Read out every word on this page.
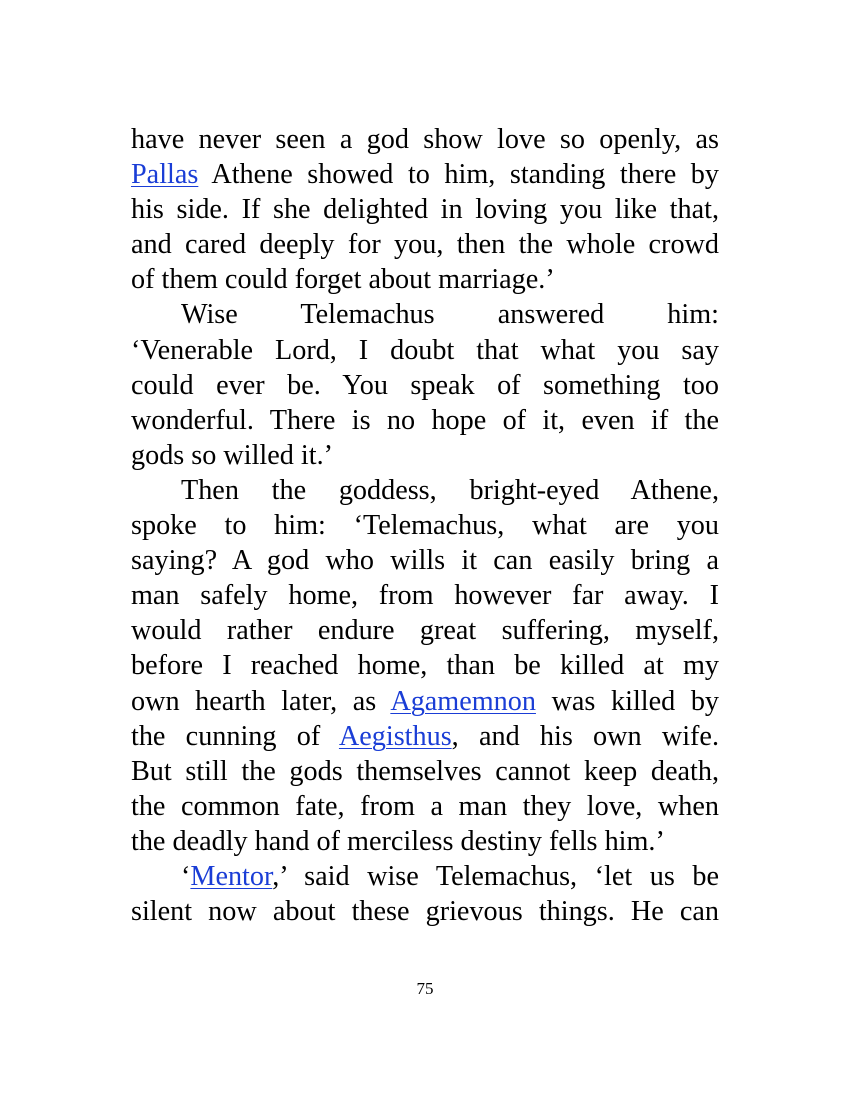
have never seen a god show love so openly, as
Pallas Athene showed to him, standing there by
his side. If she delighted in loving you like that,
and cared deeply for you, then the whole crowd
of them could forget about marriage.’
Wise Telemachus answered him:
‘Venerable Lord, I doubt that what you say
could ever be. You speak of something too
wonderful. There is no hope of it, even if the
gods so willed it.’
Then the goddess, bright-eyed Athene,
spoke to him: ‘Telemachus, what are you
saying? A god who wills it can easily bring a
man safely home, from however far away. I
would rather endure great suffering, myself,
before I reached home, than be killed at my
own hearth later, as Agamemnon was killed by
the cunning of Aegisthus, and his own wife.
But still the gods themselves cannot keep death,
the common fate, from a man they love, when
the deadly hand of merciless destiny fells him.’
‘Mentor,’ said wise Telemachus, ‘let us be
silent now about these grievous things. He can
75
